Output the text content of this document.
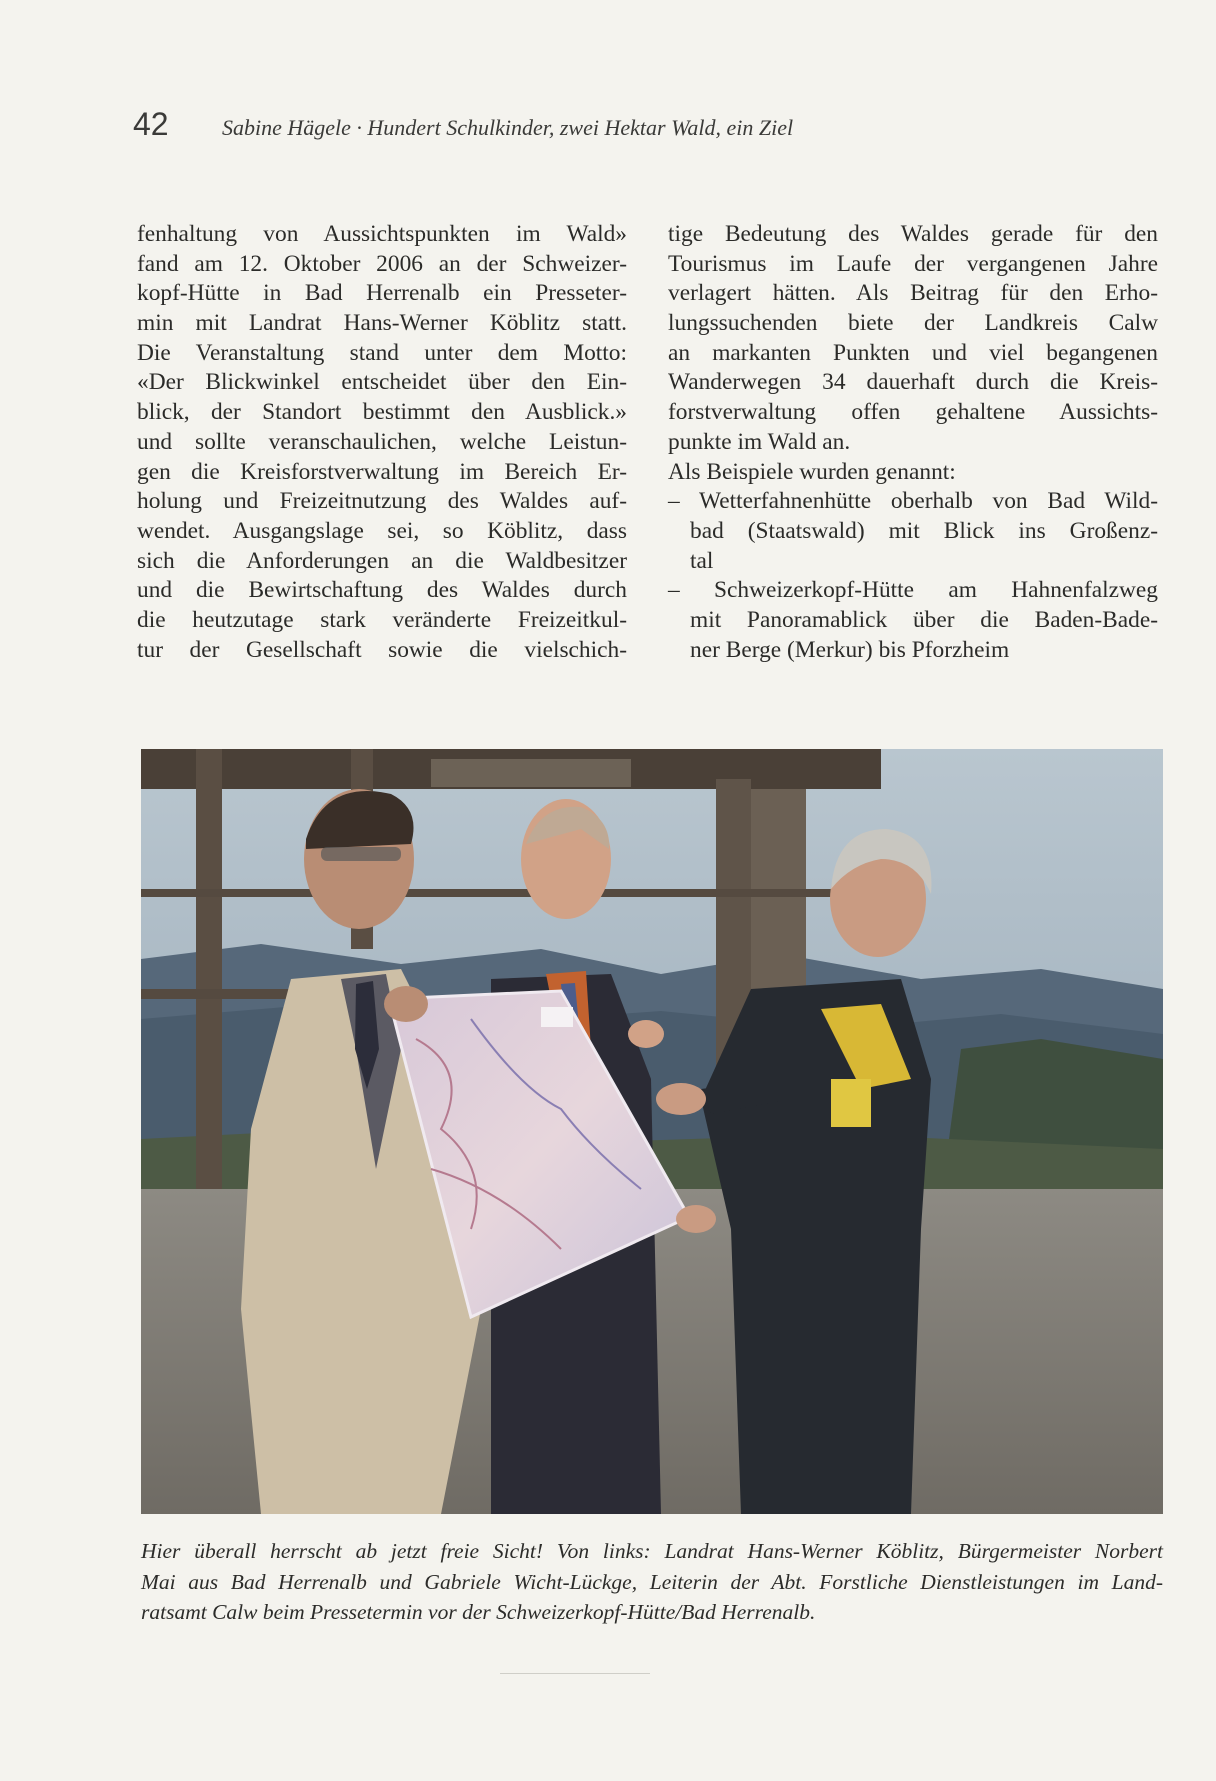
42 Sabine Hägele · Hundert Schulkinder, zwei Hektar Wald, ein Ziel
fenhaltung von Aussichtspunkten im Wald»
fand am 12. Oktober 2006 an der Schweizer-
kopf-Hütte in Bad Herrenalb ein Presseter-
min mit Landrat Hans-Werner Köblitz statt.
Die Veranstaltung stand unter dem Motto:
«Der Blickwinkel entscheidet über den Ein-
blick, der Standort bestimmt den Ausblick.»
und sollte veranschaulichen, welche Leistun-
gen die Kreisforstverwaltung im Bereich Er-
holung und Freizeitnutzung des Waldes auf-
wendet. Ausgangslage sei, so Köblitz, dass
sich die Anforderungen an die Waldbesitzer
und die Bewirtschaftung des Waldes durch
die heutzutage stark veränderte Freizeitkul-
tur der Gesellschaft sowie die vielschich-
tige Bedeutung des Waldes gerade für den
Tourismus im Laufe der vergangenen Jahre
verlagert hätten. Als Beitrag für den Erho-
lungssuchenden biete der Landkreis Calw
an markanten Punkten und viel begangenen
Wanderwegen 34 dauerhaft durch die Kreis-
forstverwaltung offen gehaltene Aussichts-
punkte im Wald an.
Als Beispiele wurden genannt:
– Wetterfahnenhütte oberhalb von Bad Wild-
bad (Staatswald) mit Blick ins Großenz-
tal
– Schweizerkopf-Hütte am Hahnenfalzweg
mit Panoramablick über die Baden-Bade-
ner Berge (Merkur) bis Pforzheim
Hier überall herrscht ab jetzt freie Sicht! Von links: Landrat Hans-Werner Köblitz, Bürgermeister Norbert
Mai aus Bad Herrenalb und Gabriele Wicht-Lückge, Leiterin der Abt. Forstliche Dienstleistungen im Land-
ratsamt Calw beim Pressetermin vor der Schweizerkopf-Hütte/Bad Herrenalb.
